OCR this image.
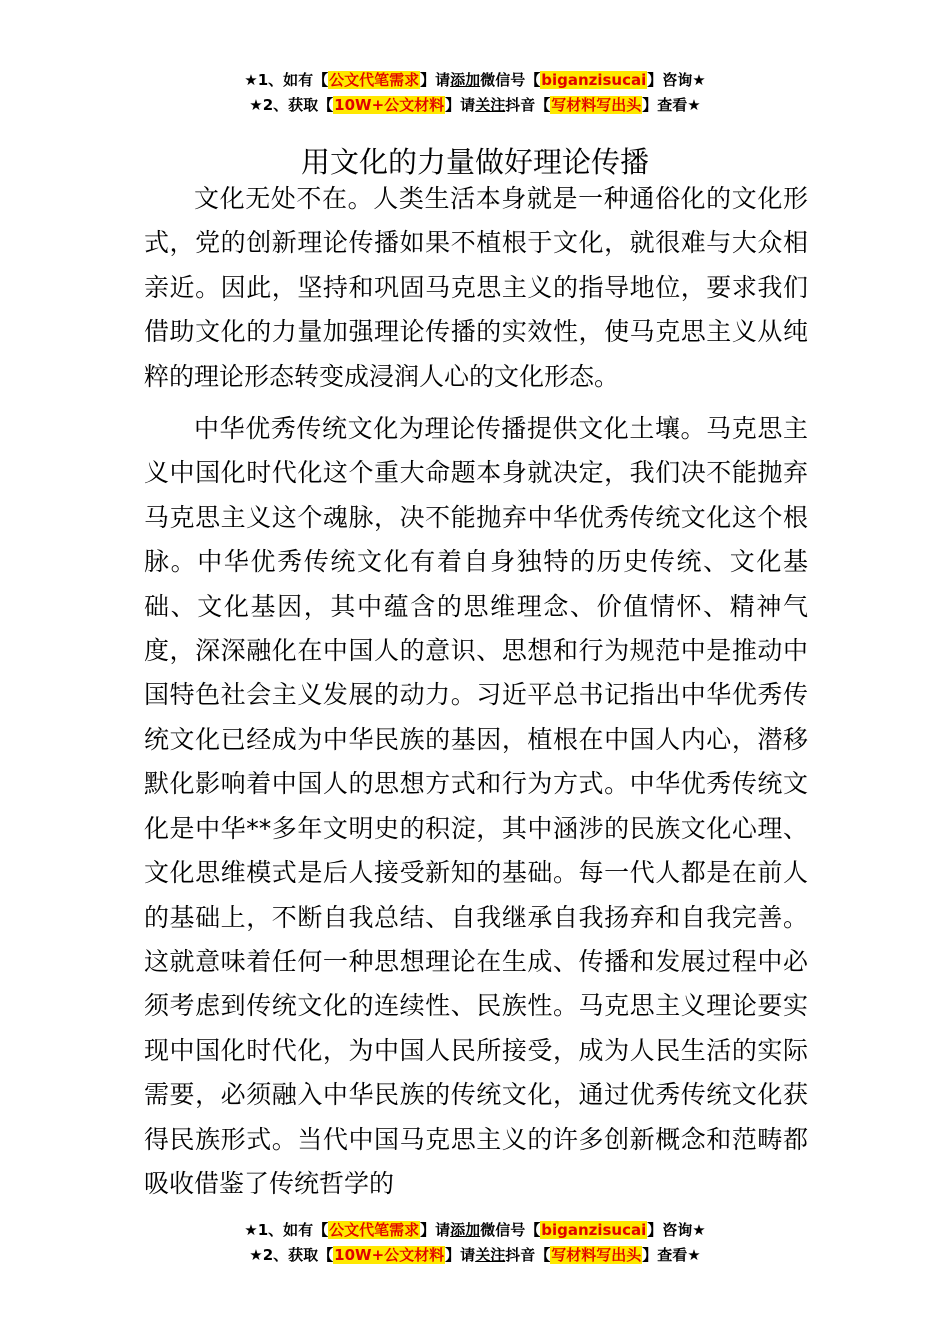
★1、如有【公文代笔需求】请添加微信号【biganzisucai】咨询★
★2、获取【10W+公文材料】请关注抖音【写材料写出头】查看★
用文化的力量做好理论传播

文化无处不在。人类生活本身就是一种通俗化的文化形式，党的创新理论传播如果不植根于文化，就很难与大众相亲近。因此，坚持和巩固马克思主义的指导地位，要求我们借助文化的力量加强理论传播的实效性，使马克思主义从纯粹的理论形态转变成浸润人心的文化形态。

中华优秀传统文化为理论传播提供文化土壤。马克思主义中国化时代化这个重大命题本身就决定，我们决不能抛弃马克思主义这个魂脉，决不能抛弃中华优秀传统文化这个根脉。中华优秀传统文化有着自身独特的历史传统、文化基础、文化基因，其中蕴含的思维理念、价值情怀、精神气度，深深融化在中国人的意识、思想和行为规范中是推动中国特色社会主义发展的动力。习近平总书记指出中华优秀传统文化已经成为中华民族的基因，植根在中国人内心，潜移默化影响着中国人的思想方式和行为方式。中华优秀传统文化是中华**多年文明史的积淀，其中涵涉的民族文化心理、文化思维模式是后人接受新知的基础。每一代人都是在前人的基础上，不断自我总结、自我继承自我扬弃和自我完善。这就意味着任何一种思想理论在生成、传播和发展过程中必须考虑到传统文化的连续性、民族性。马克思主义理论要实现中国化时代化，为中国人民所接受，成为人民生活的实际需要，必须融入中华民族的传统文化，通过优秀传统文化获得民族形式。当代中国马克思主义的许多创新概念和范畴都吸收借鉴了传统哲学的

★1、如有【公文代笔需求】请添加微信号【biganzisucai】咨询★
★2、获取【10W+公文材料】请关注抖音【写材料写出头】查看★
